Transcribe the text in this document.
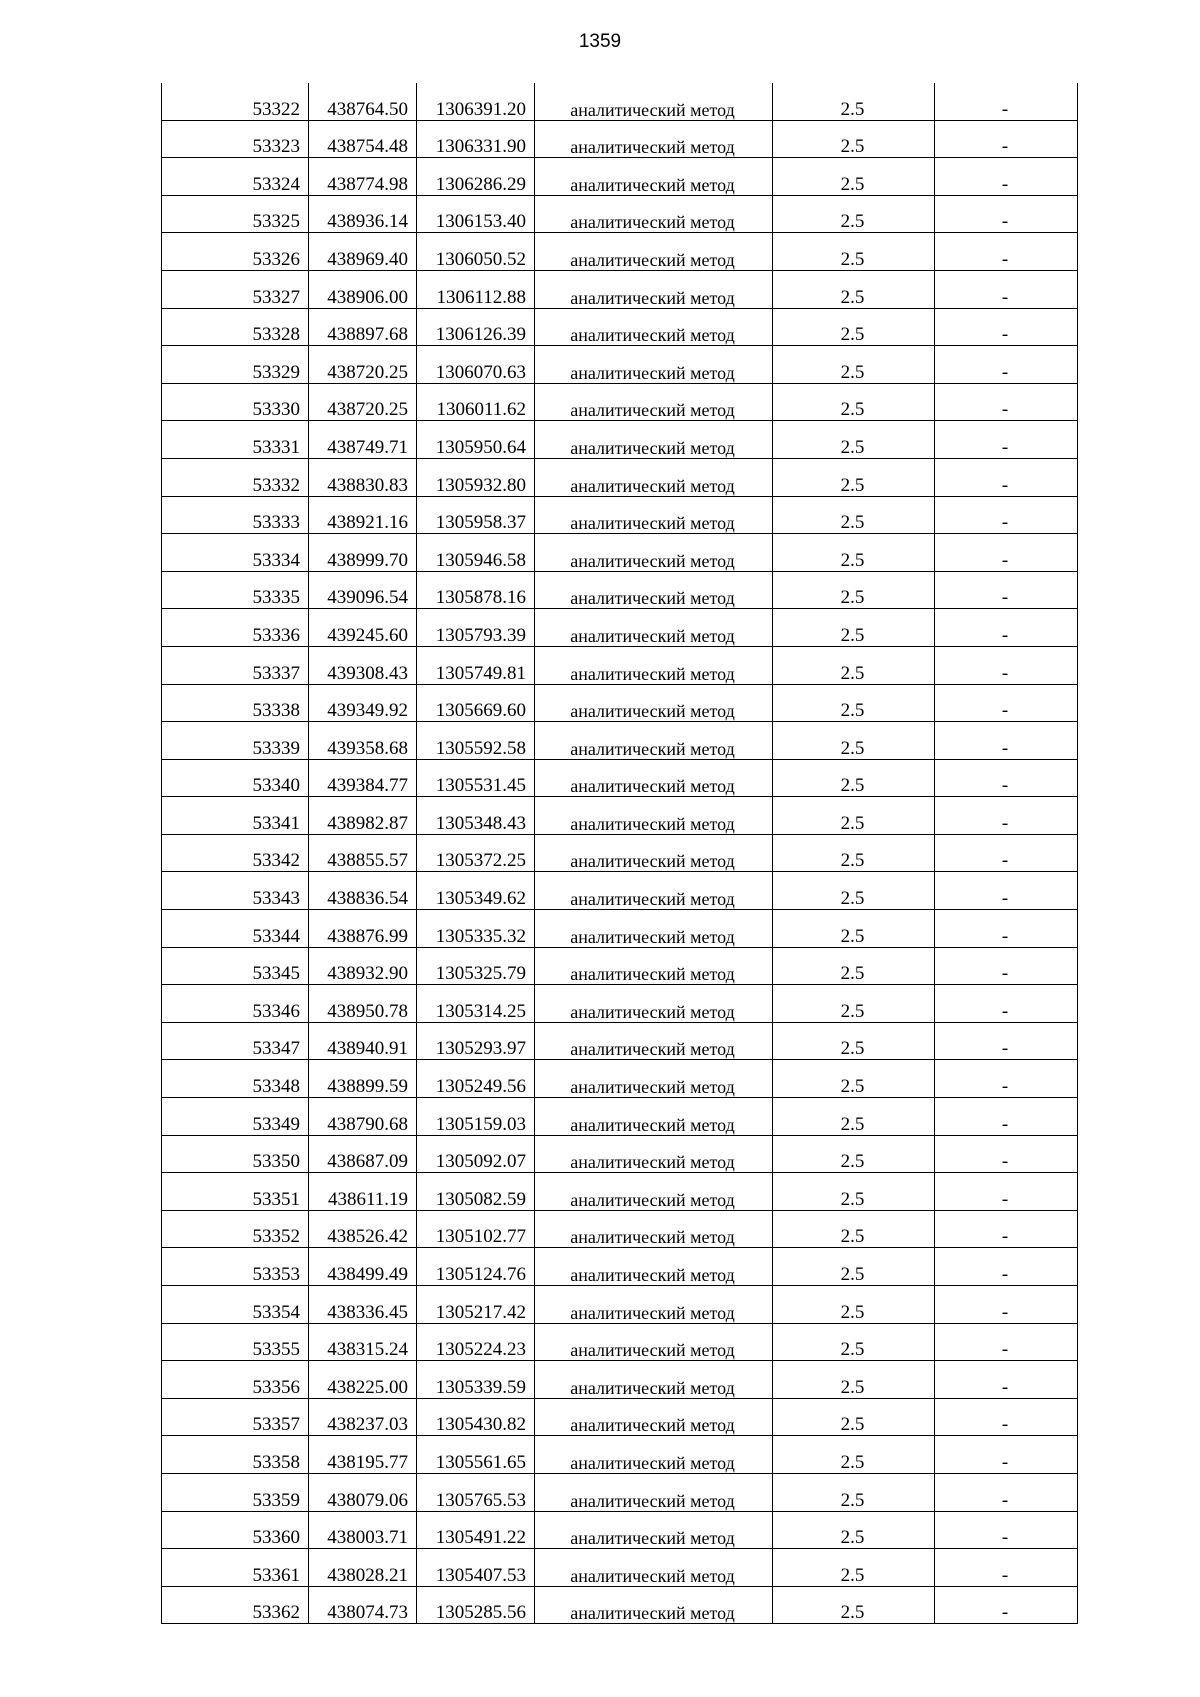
1359
53322	438764.50	1306391.20	аналитический метод	2.5	-
53323	438754.48	1306331.90	аналитический метод	2.5	-
53324	438774.98	1306286.29	аналитический метод	2.5	-
53325	438936.14	1306153.40	аналитический метод	2.5	-
53326	438969.40	1306050.52	аналитический метод	2.5	-
53327	438906.00	1306112.88	аналитический метод	2.5	-
53328	438897.68	1306126.39	аналитический метод	2.5	-
53329	438720.25	1306070.63	аналитический метод	2.5	-
53330	438720.25	1306011.62	аналитический метод	2.5	-
53331	438749.71	1305950.64	аналитический метод	2.5	-
53332	438830.83	1305932.80	аналитический метод	2.5	-
53333	438921.16	1305958.37	аналитический метод	2.5	-
53334	438999.70	1305946.58	аналитический метод	2.5	-
53335	439096.54	1305878.16	аналитический метод	2.5	-
53336	439245.60	1305793.39	аналитический метод	2.5	-
53337	439308.43	1305749.81	аналитический метод	2.5	-
53338	439349.92	1305669.60	аналитический метод	2.5	-
53339	439358.68	1305592.58	аналитический метод	2.5	-
53340	439384.77	1305531.45	аналитический метод	2.5	-
53341	438982.87	1305348.43	аналитический метод	2.5	-
53342	438855.57	1305372.25	аналитический метод	2.5	-
53343	438836.54	1305349.62	аналитический метод	2.5	-
53344	438876.99	1305335.32	аналитический метод	2.5	-
53345	438932.90	1305325.79	аналитический метод	2.5	-
53346	438950.78	1305314.25	аналитический метод	2.5	-
53347	438940.91	1305293.97	аналитический метод	2.5	-
53348	438899.59	1305249.56	аналитический метод	2.5	-
53349	438790.68	1305159.03	аналитический метод	2.5	-
53350	438687.09	1305092.07	аналитический метод	2.5	-
53351	438611.19	1305082.59	аналитический метод	2.5	-
53352	438526.42	1305102.77	аналитический метод	2.5	-
53353	438499.49	1305124.76	аналитический метод	2.5	-
53354	438336.45	1305217.42	аналитический метод	2.5	-
53355	438315.24	1305224.23	аналитический метод	2.5	-
53356	438225.00	1305339.59	аналитический метод	2.5	-
53357	438237.03	1305430.82	аналитический метод	2.5	-
53358	438195.77	1305561.65	аналитический метод	2.5	-
53359	438079.06	1305765.53	аналитический метод	2.5	-
53360	438003.71	1305491.22	аналитический метод	2.5	-
53361	438028.21	1305407.53	аналитический метод	2.5	-
53362	438074.73	1305285.56	аналитический метод	2.5	-
